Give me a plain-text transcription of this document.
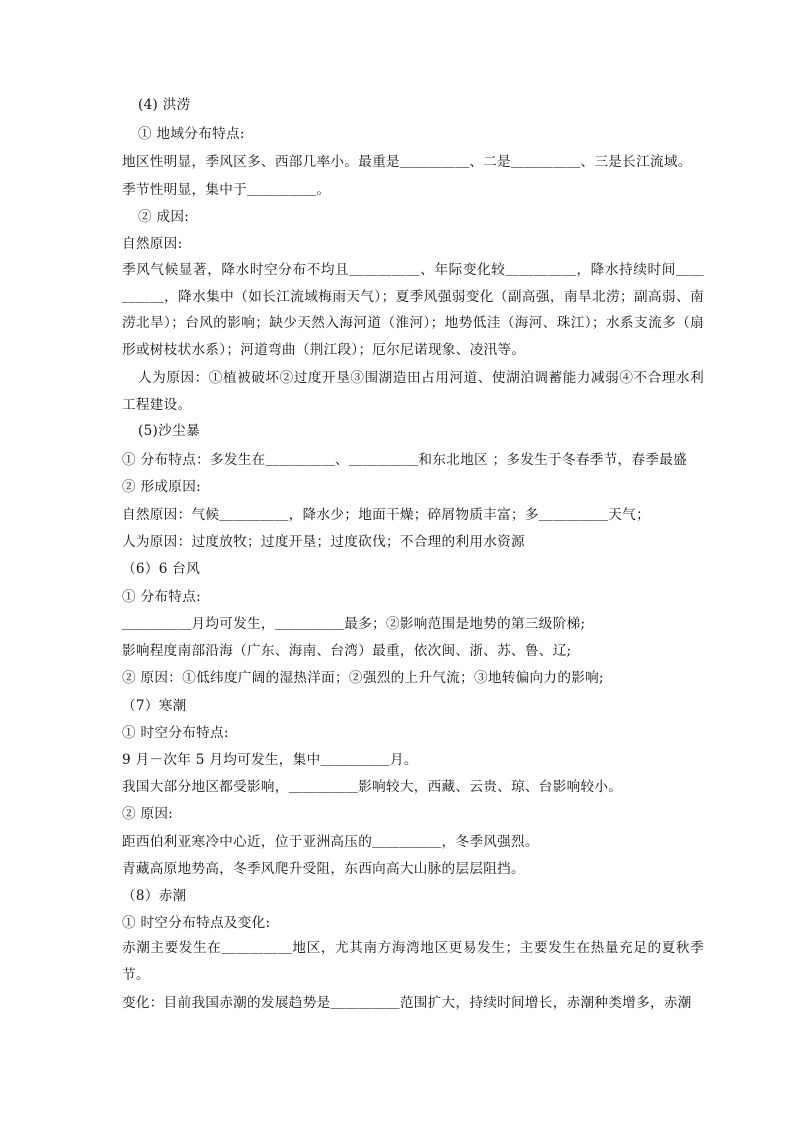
(4) 洪涝
① 地域分布特点:
地区性明显，季风区多、西部几率小。最重是＿＿＿＿＿、二是＿＿＿＿＿、三是长江流域。
季节性明显，集中于＿＿＿＿＿。
② 成因:
自然原因:
季风气候显著，降水时空分布不均且＿＿＿＿＿、年际变化较＿＿＿＿＿，降水持续时间＿＿＿＿＿，降水集中（如长江流域梅雨天气）；夏季风强弱变化（副高强，南旱北涝；副高弱、南涝北旱）；台风的影响；缺少天然入海河道（淮河）；地势低洼（海河、珠江）；水系支流多（扇形或树枝状水系）；河道弯曲（荆江段）；厄尔尼诺现象、凌汛等。
人为原因：①植被破坏②过度开垦③围湖造田占用河道、使湖泊调蓄能力减弱④不合理水利工程建设。
(5)沙尘暴
① 分布特点：多发生在＿＿＿＿＿、＿＿＿＿＿和东北地区 ；多发生于冬春季节，春季最盛
② 形成原因:
自然原因：气候＿＿＿＿＿，降水少；地面干燥；碎屑物质丰富；多＿＿＿＿＿天气；
人为原因：过度放牧；过度开垦；过度砍伐；不合理的利用水资源
（6）6 台风
① 分布特点:
＿＿＿＿＿月均可发生，＿＿＿＿＿最多；②影响范围是地势的第三级阶梯;
影响程度南部沿海（广东、海南、台湾）最重，依次闽、浙、苏、鲁、辽;
② 原因：①低纬度广阔的湿热洋面；②强烈的上升气流；③地转偏向力的影响;
（7）寒潮
① 时空分布特点:
9 月－次年 5 月均可发生，集中＿＿＿＿＿月。
我国大部分地区都受影响，＿＿＿＿＿影响较大，西藏、云贵、琼、台影响较小。
② 原因:
距西伯利亚寒冷中心近，位于亚洲高压的＿＿＿＿＿，冬季风强烈。
青藏高原地势高，冬季风爬升受阻，东西向高大山脉的层层阻挡。
（8）赤潮
① 时空分布特点及变化:
赤潮主要发生在＿＿＿＿＿地区，尤其南方海湾地区更易发生；主要发生在热量充足的夏秋季节。
变化：目前我国赤潮的发展趋势是＿＿＿＿＿范围扩大，持续时间增长，赤潮种类增多，赤潮
